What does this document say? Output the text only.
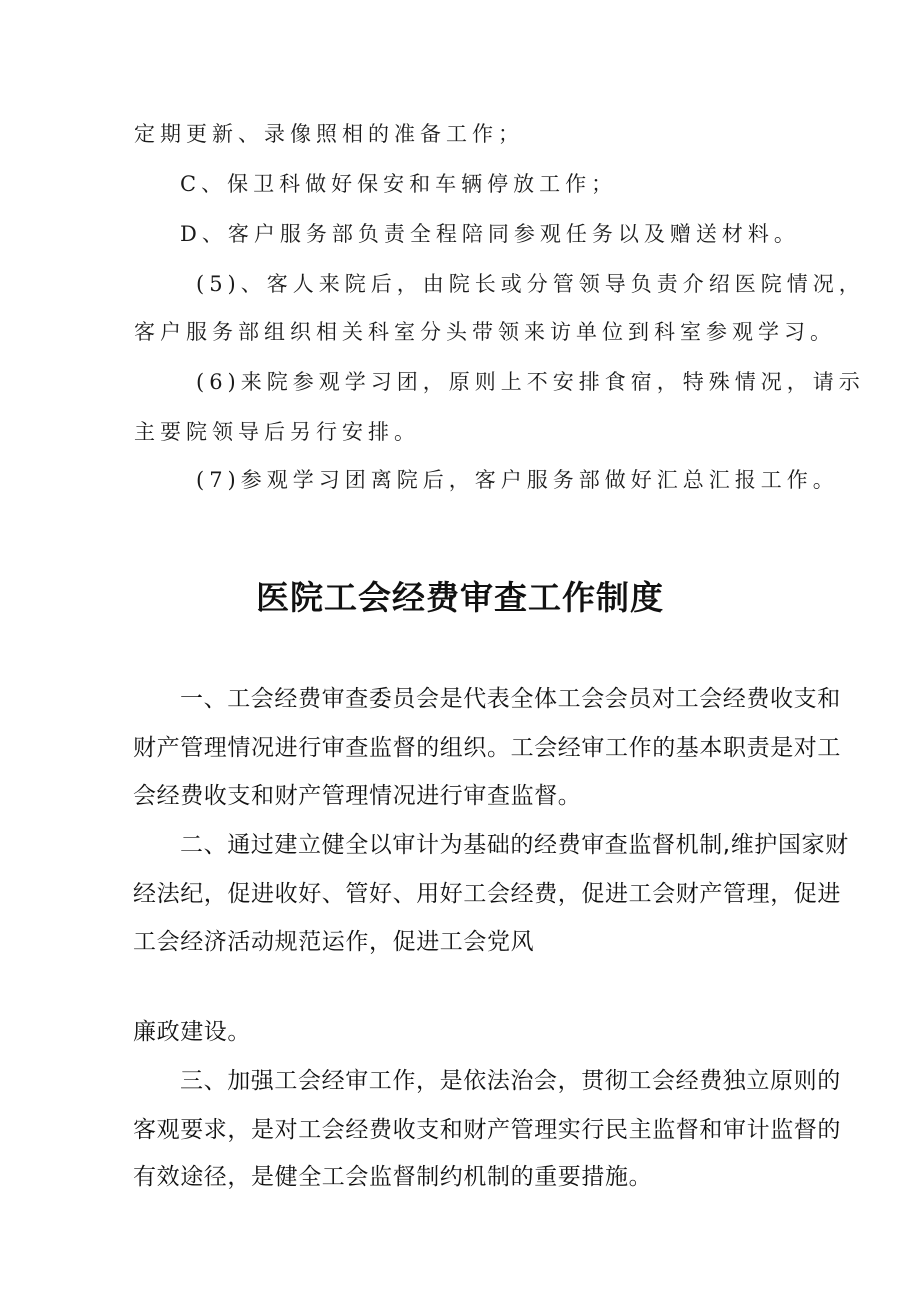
定期更新、录像照相的准备工作；

C、保卫科做好保安和车辆停放工作；

D、客户服务部负责全程陪同参观任务以及赠送材料。

(5)、客人来院后，由院长或分管领导负责介绍医院情况，

客户服务部组织相关科室分头带领来访单位到科室参观学习。

(6)来院参观学习团，原则上不安排食宿，特殊情况，请示

主要院领导后另行安排。

(7)参观学习团离院后，客户服务部做好汇总汇报工作。

医院工会经费审查工作制度

一、工会经费审查委员会是代表全体工会会员对工会经费收支和

财产管理情况进行审查监督的组织。工会经审工作的基本职责是对工

会经费收支和财产管理情况进行审查监督。

二、通过建立健全以审计为基础的经费审查监督机制,维护国家财

经法纪，促进收好、管好、用好工会经费，促进工会财产管理，促进

工会经济活动规范运作，促进工会党风

廉政建设。

三、加强工会经审工作，是依法治会，贯彻工会经费独立原则的

客观要求，是对工会经费收支和财产管理实行民主监督和审计监督的

有效途径，是健全工会监督制约机制的重要措施。
